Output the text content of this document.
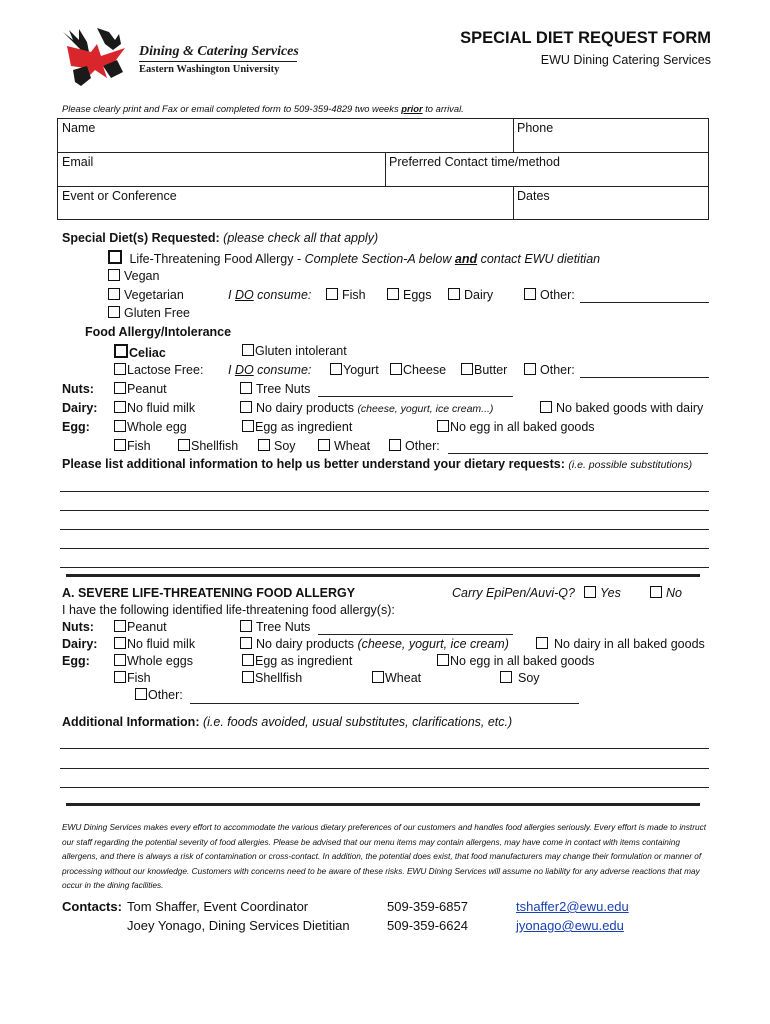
Dining & Catering Services
Eastern Washington University
SPECIAL DIET REQUEST FORM
EWU Dining Catering Services
Please clearly print and Fax or email completed form to 509-359-4829 two weeks prior to arrival.
Name	Phone
Email	Preferred Contact time/method
Event or Conference	Dates
Special Diet(s) Requested: (please check all that apply)
Life-Threatening Food Allergy - Complete Section-A below and contact EWU dietitian
Vegan
Vegetarian	I DO consume:	Fish	Eggs	Dairy	Other:
Gluten Free
Food Allergy/Intolerance
Celiac	Gluten intolerant
Lactose Free: I DO consume:	Yogurt	Cheese	Butter	Other:
Nuts:	Peanut	Tree Nuts
Dairy:	No fluid milk	No dairy products (cheese, yogurt, ice cream...)	No baked goods with dairy
Egg:	Whole egg	Egg as ingredient	No egg in all baked goods
Fish	Shellfish	Soy	Wheat	Other:
Please list additional information to help us better understand your dietary requests: (i.e. possible substitutions)
A. SEVERE LIFE-THREATENING FOOD ALLERGY	Carry EpiPen/Auvi-Q?	Yes	No
I have the following identified life-threatening food allergy(s):
Nuts:	Peanut	Tree Nuts
Dairy:	No fluid milk	No dairy products (cheese, yogurt, ice cream)	No dairy in all baked goods
Egg:	Whole eggs	Egg as ingredient	No egg in all baked goods
Fish	Shellfish	Wheat	Soy
Other:
Additional Information: (i.e. foods avoided, usual substitutes, clarifications, etc.)
EWU Dining Services makes every effort to accommodate the various dietary preferences of our customers and handles food allergies seriously. Every effort is made to instruct our staff regarding the potential severity of food allergies. Please be advised that our menu items may contain allergens, may have come in contact with items containing allergens, and there is always a risk of contamination or cross-contact. In addition, the potential does exist, that food manufacturers may change their formulation or manner of processing without our knowledge. Customers with concerns need to be aware of these risks. EWU Dining Services will assume no liability for any adverse reactions that may occur in the dining facilities.
Contacts: Tom Shaffer, Event Coordinator	509-359-6857	tshaffer2@ewu.edu
Joey Yonago, Dining Services Dietitian	509-359-6624	jyonago@ewu.edu
